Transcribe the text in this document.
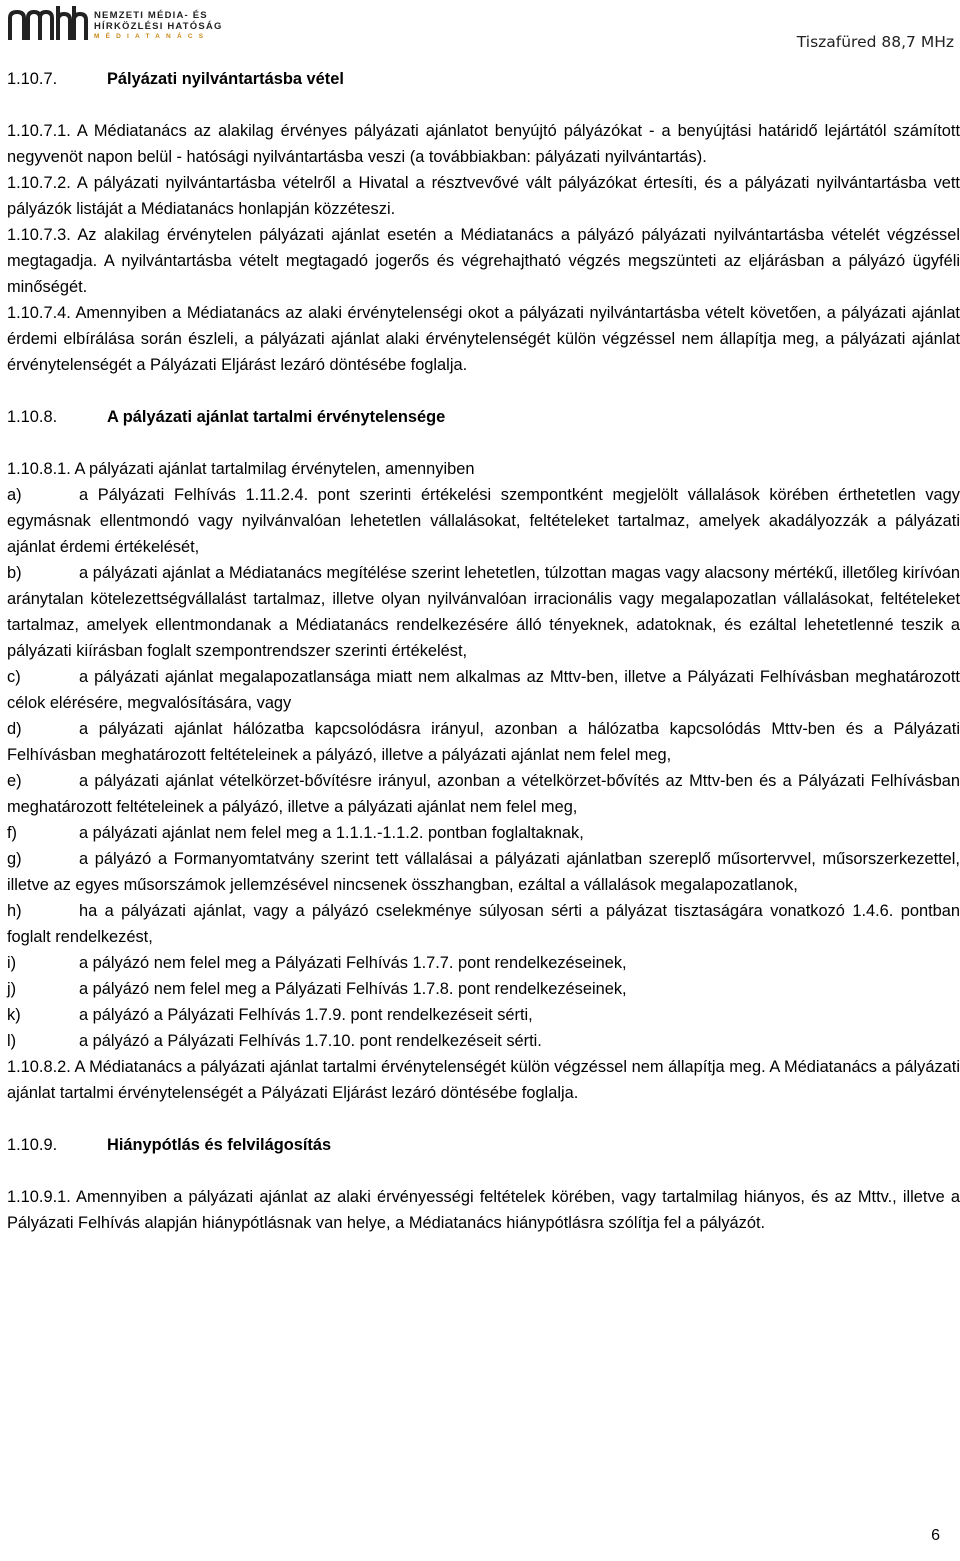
NEMZETI MÉDIA- ÉS
HÍRKÖZLÉSI HATÓSÁG
MÉDIATANÁCS	Tiszafüred 88,7 MHz
1.10.7.	Pályázati nyilvántartásba vétel

1.10.7.1. A Médiatanács az alakilag érvényes pályázati ajánlatot benyújtó pályázókat - a benyújtási határidő lejártától számított negyvenöt napon belül - hatósági nyilvántartásba veszi (a továbbiakban: pályázati nyilvántartás).

1.10.7.2. A pályázati nyilvántartásba vételről a Hivatal a résztvevővé vált pályázókat értesíti, és a pályázati nyilvántartásba vett pályázók listáját a Médiatanács honlapján közzéteszi.

1.10.7.3. Az alakilag érvénytelen pályázati ajánlat esetén a Médiatanács a pályázó pályázati nyilvántartásba vételét végzéssel megtagadja. A nyilvántartásba vételt megtagadó jogerős és végrehajtható végzés megszünteti az eljárásban a pályázó ügyféli minőségét.

1.10.7.4. Amennyiben a Médiatanács az alaki érvénytelenségi okot a pályázati nyilvántartásba vételt követően, a pályázati ajánlat érdemi elbírálása során észleli, a pályázati ajánlat alaki érvénytelenségét külön végzéssel nem állapítja meg, a pályázati ajánlat érvénytelenségét a Pályázati Eljárást lezáró döntésébe foglalja.

1.10.8.	A pályázati ajánlat tartalmi érvénytelensége

1.10.8.1. A pályázati ajánlat tartalmilag érvénytelen, amennyiben

a)	a Pályázati Felhívás 1.11.2.4. pont szerinti értékelési szempontként megjelölt vállalások körében érthetetlen vagy egymásnak ellentmondó vagy nyilvánvalóan lehetetlen vállalásokat, feltételeket tartalmaz, amelyek akadályozzák a pályázati ajánlat érdemi értékelését,

b)	a pályázati ajánlat a Médiatanács megítélése szerint lehetetlen, túlzottan magas vagy alacsony mértékű, illetőleg kirívóan aránytalan kötelezettségvállalást tartalmaz, illetve olyan nyilvánvalóan irracionális vagy megalapozatlan vállalásokat, feltételeket tartalmaz, amelyek ellentmondanak a Médiatanács rendelkezésére álló tényeknek, adatoknak, és ezáltal lehetetlenné teszik a pályázati kiírásban foglalt szempontrendszer szerinti értékelést,

c)	a pályázati ajánlat megalapozatlansága miatt nem alkalmas az Mttv-ben, illetve a Pályázati Felhívásban meghatározott célok elérésére, megvalósítására, vagy

d)	a pályázati ajánlat hálózatba kapcsolódásra irányul, azonban a hálózatba kapcsolódás Mttv-ben és a Pályázati Felhívásban meghatározott feltételeinek a pályázó, illetve a pályázati ajánlat nem felel meg,

e)	a pályázati ajánlat vételkörzet-bővítésre irányul, azonban a vételkörzet-bővítés az Mttv-ben és a Pályázati Felhívásban meghatározott feltételeinek a pályázó, illetve a pályázati ajánlat nem felel meg,

f)	a pályázati ajánlat nem felel meg a 1.1.1.-1.1.2. pontban foglaltaknak,

g)	a pályázó a Formanyomtatvány szerint tett vállalásai a pályázati ajánlatban szereplő műsortervvel, műsorszerkezettel, illetve az egyes műsorszámok jellemzésével nincsenek összhangban, ezáltal a vállalások megalapozatlanok,

h)	ha a pályázati ajánlat, vagy a pályázó cselekménye súlyosan sérti a pályázat tisztaságára vonatkozó 1.4.6. pontban foglalt rendelkezést,

i)	a pályázó nem felel meg a Pályázati Felhívás 1.7.7. pont rendelkezéseinek,

j)	a pályázó nem felel meg a Pályázati Felhívás 1.7.8. pont rendelkezéseinek,

k)	a pályázó a Pályázati Felhívás 1.7.9. pont rendelkezéseit sérti,

l)	a pályázó a Pályázati Felhívás 1.7.10. pont rendelkezéseit sérti.

1.10.8.2. A Médiatanács a pályázati ajánlat tartalmi érvénytelenségét külön végzéssel nem állapítja meg. A Médiatanács a pályázati ajánlat tartalmi érvénytelenségét a Pályázati Eljárást lezáró döntésébe foglalja.

1.10.9.	Hiánypótlás és felvilágosítás

1.10.9.1. Amennyiben a pályázati ajánlat az alaki érvényességi feltételek körében, vagy tartalmilag hiányos, és az Mttv., illetve a Pályázati Felhívás alapján hiánypótlásnak van helye, a Médiatanács hiánypótlásra szólítja fel a pályázót.

6
